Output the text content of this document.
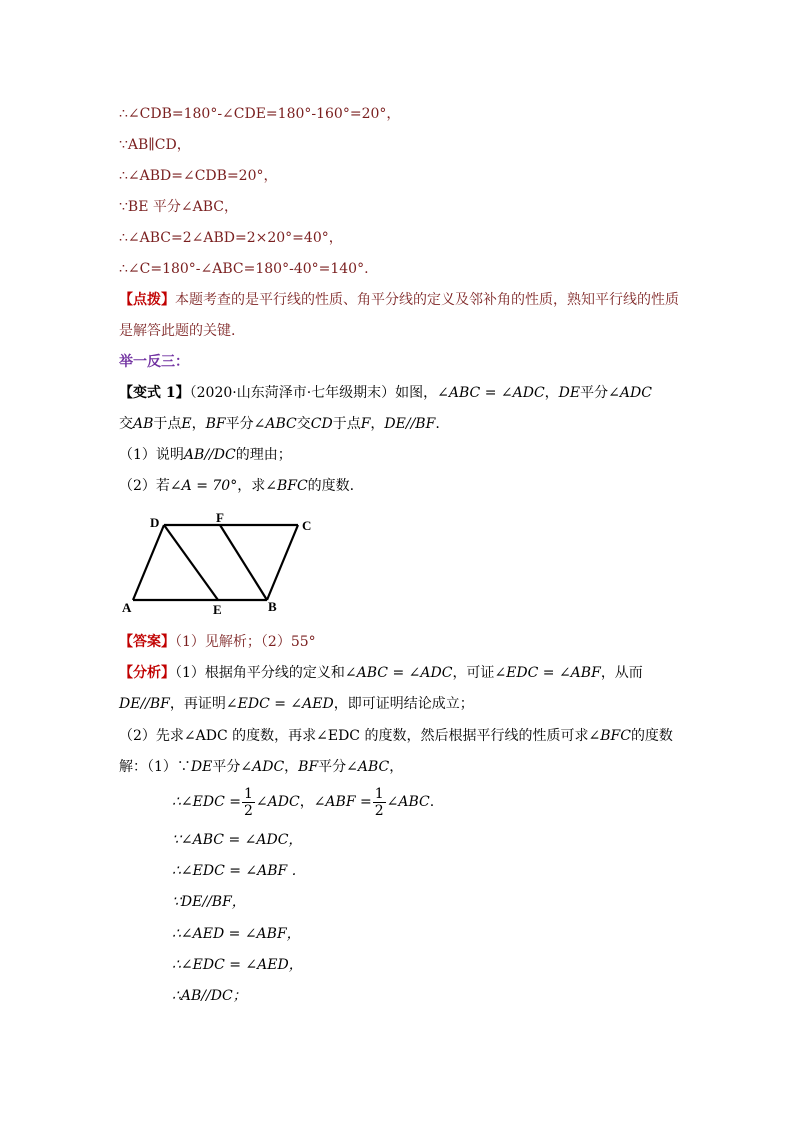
∴∠CDB=180°-∠CDE=180°-160°=20°，
∵AB∥CD，
∴∠ABD=∠CDB=20°，
∵BE 平分∠ABC，
∴∠ABC=2∠ABD=2×20°=40°，
∴∠C=180°-∠ABC=180°-40°=140°.
【点拨】本题考查的是平行线的性质、角平分线的定义及邻补角的性质，熟知平行线的性质
是解答此题的关键.
举一反三：
【变式 1】（2020·山东菏泽市·七年级期末）如图，∠ABC = ∠ADC，DE平分∠ADC
交AB于点E，BF平分∠ABC交CD于点F，DE//BF.
（1）说明AB//DC的理由；
（2）若∠A = 70°，求∠BFC的度数.
D	F
C
A	E	B
【答案】（1）见解析；（2）55°
【分析】（1）根据角平分线的定义和∠ABC = ∠ADC，可证∠EDC = ∠ABF，从而
DE//BF，再证明∠EDC = ∠AED，即可证明结论成立；
（2）先求∠ADC 的度数，再求∠EDC 的度数，然后根据平行线的性质可求∠BFC的度数
解：（1）∵DE平分∠ADC，BF平分∠ABC，
∴∠EDC = $\frac{1}{2}$ ∠ADC，∠ABF = $\frac{1}{2}$ ∠ABC.
∵∠ABC = ∠ADC，
∴∠EDC = ∠ABF .
∵DE//BF，
∴∠AED = ∠ABF，
∴∠EDC = ∠AED，
∴AB//DC；
